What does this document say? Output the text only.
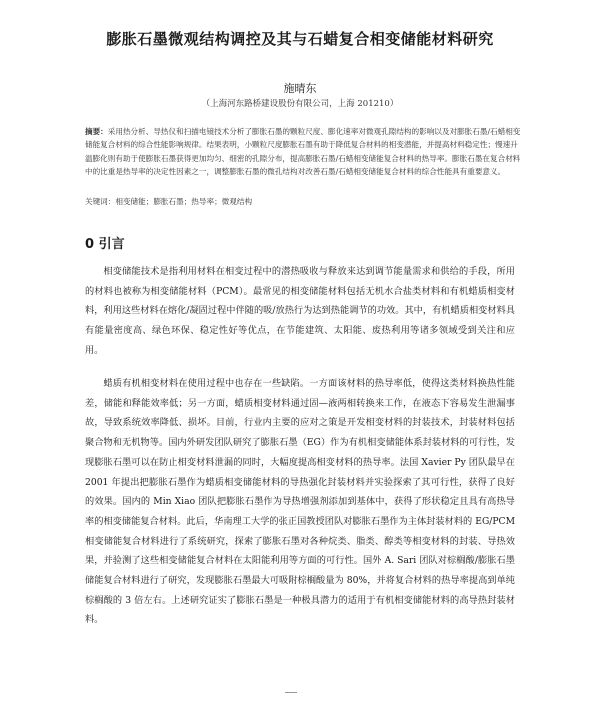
膨胀石墨微观结构调控及其与石蜡复合相变储能材料研究
施晴东
（上海河东路桥建设股份有限公司，上海 201210）
摘要：采用热分析、导热仪和扫描电镜技术分析了膨胀石墨的颗粒尺度、膨化速率对微观孔隙结构的影响以及对膨胀石墨/石蜡相变储能复合材料的综合性能影响规律。结果表明，小颗粒尺度膨胀石墨有助于降低复合材料的相变潜能，并提高材料稳定性；慢速升温膨化则有助于使膨胀石墨获得更加均匀、细密的孔隙分布，提高膨胀石墨/石蜡相变储能复合材料的热导率。膨胀石墨在复合材料中的比重是热导率的决定性因素之一，调整膨胀石墨的微孔结构对改善石墨/石蜡相变储能复合材料的综合性能具有重要意义。
关键词：相变储能；膨胀石墨；热导率；微观结构
0 引言

相变储能技术是指利用材料在相变过程中的潜热吸收与释放来达到调节能量需求和供给的手段，所用的材料也被称为相变储能材料（PCM）。最常见的相变储能材料包括无机水合盐类材料和有机蜡质相变材料，利用这些材料在熔化/凝固过程中伴随的吸/放热行为达到热能调节的功效。其中，有机蜡质相变材料具有能量密度高、绿色环保、稳定性好等优点，在节能建筑、太阳能、废热利用等诸多领域受到关注和应用。

蜡质有机相变材料在使用过程中也存在一些缺陷。一方面该材料的热导率低，使得这类材料换热性能差，储能和释能效率低；另一方面，蜡质相变材料通过固—液两相转换来工作，在液态下容易发生泄漏事故，导致系统效率降低、损坏。目前，行业内主要的应对之策是开发相变材料的封装技术，封装材料包括聚合物和无机物等。国内外研发团队研究了膨胀石墨（EG）作为有机相变储能体系封装材料的可行性，发现膨胀石墨可以在防止相变材料泄漏的同时，大幅度提高相变材料的热导率。法国 Xavier Py 团队最早在 2001 年提出把膨胀石墨作为蜡质相变储能材料的导热强化封装材料并实验探索了其可行性，获得了良好的效果。国内的 Min Xiao 团队把膨胀石墨作为导热增强剂添加到基体中，获得了形状稳定且具有高热导率的相变储能复合材料。此后，华南理工大学的张正国教授团队对膨胀石墨作为主体封装材料的 EG/PCM 相变储能复合材料进行了系统研究，探索了膨胀石墨对各种烷类、脂类、醇类等相变材料的封装、导热效果，并验测了这些相变储能复合材料在太阳能利用等方面的可行性。国外 A. Sari 团队对棕榈酸/膨胀石墨储能复合材料进行了研究，发现膨胀石墨最大可吸附棕榈酸量为 80%，并将复合材料的热导率提高到单纯棕榈酸的 3 倍左右。上述研究证实了膨胀石墨是一种极具潜力的适用于有机相变储能材料的高导热封装材料。
